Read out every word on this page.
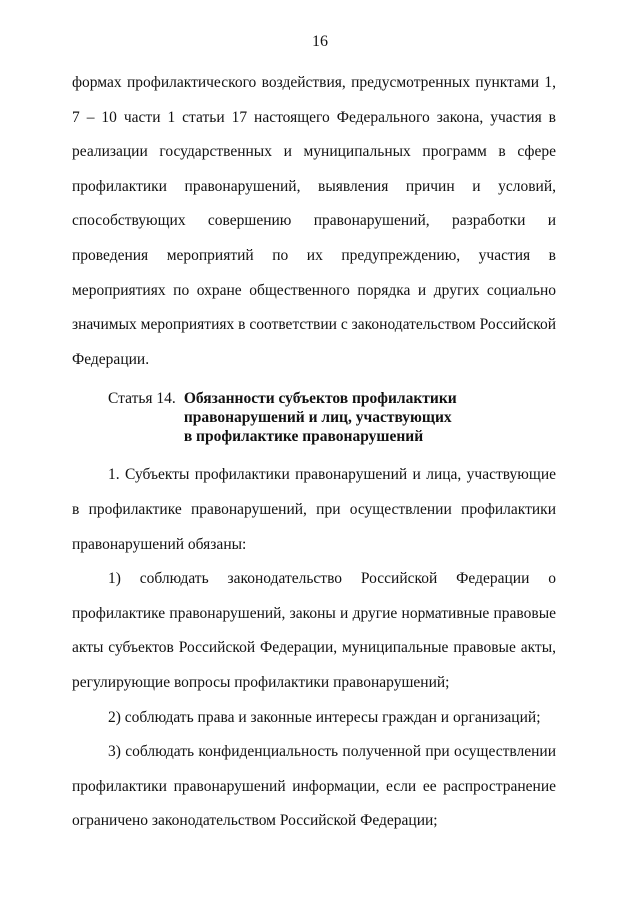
16

формах профилактического воздействия, предусмотренных пунктами 1, 7 – 10 части 1 статьи 17 настоящего Федерального закона, участия в реализации государственных и муниципальных программ в сфере профилактики правонарушений, выявления причин и условий, способствующих совершению правонарушений, разработки и проведения мероприятий по их предупреждению, участия в мероприятиях по охране общественного порядка и других социально значимых мероприятиях в соответствии с законодательством Российской Федерации.

Статья 14. Обязанности субъектов профилактики
правонарушений и лиц, участвующих
в профилактике правонарушений

1. Субъекты профилактики правонарушений и лица, участвующие в профилактике правонарушений, при осуществлении профилактики правонарушений обязаны:

1) соблюдать законодательство Российской Федерации о профилактике правонарушений, законы и другие нормативные правовые акты субъектов Российской Федерации, муниципальные правовые акты, регулирующие вопросы профилактики правонарушений;

2) соблюдать права и законные интересы граждан и организаций;

3) соблюдать конфиденциальность полученной при осуществлении профилактики правонарушений информации, если ее распространение ограничено законодательством Российской Федерации;
